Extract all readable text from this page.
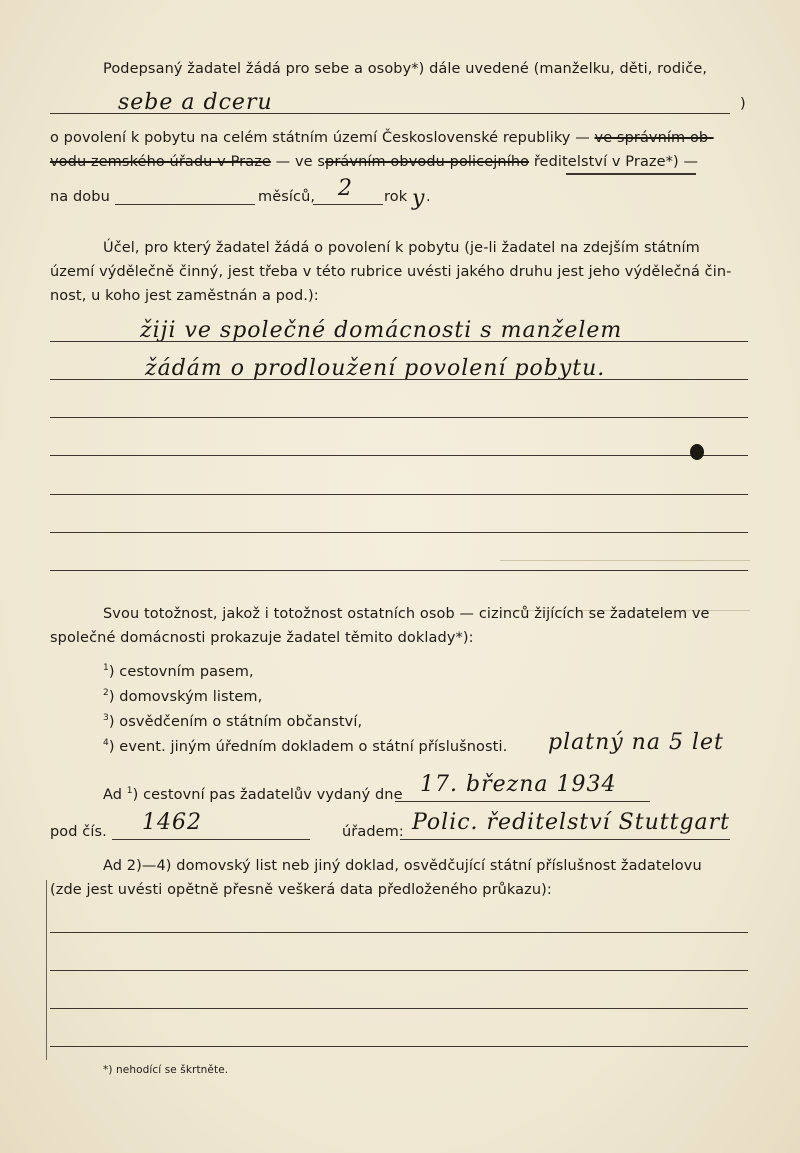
Podepsaný žadatel žádá pro sebe a osoby*) dále uvedené (manželku, děti, rodiče,
sebe a dceru	)
o povolení k pobytu na celém státním území Československé republiky — ve správním ob-
vodu zemského úřadu v Praze — ve správním obvodu policejního ředitelství v Praze*) —
na dobu	měsíců, 2 rok y .
Účel, pro který žadatel žádá o povolení k pobytu (je-li žadatel na zdejším státním
území výdělečně činný, jest třeba v této rubrice uvésti jakého druhu jest jeho výdělečná čin-
nost, u koho jest zaměstnán a pod.):
žiji ve společné domácnosti s manželem
žádám o prodloužení povolení pobytu.
Svou totožnost, jakož i totožnost ostatních osob — cizinců žijících se žadatelem ve
společné domácnosti prokazuje žadatel těmito doklady*):
$^1$) cestovním pasem,
$^2$) domovským listem,
$^3$) osvědčením o státním občanství,
$^4$) event. jiným úředním dokladem o státní příslušnosti. platný na 5 let
Ad $^1$) cestovní pas žadatelův vydaný dne 17. března 1934
pod čís. 1462	úřadem: Polic. ředitelství Stuttgart
Ad 2)—4) domovský list neb jiný doklad, osvědčující státní příslušnost žadatelovu
(zde jest uvésti opětně přesně veškerá data předloženého průkazu):
*) nehodící se škrtněte.
